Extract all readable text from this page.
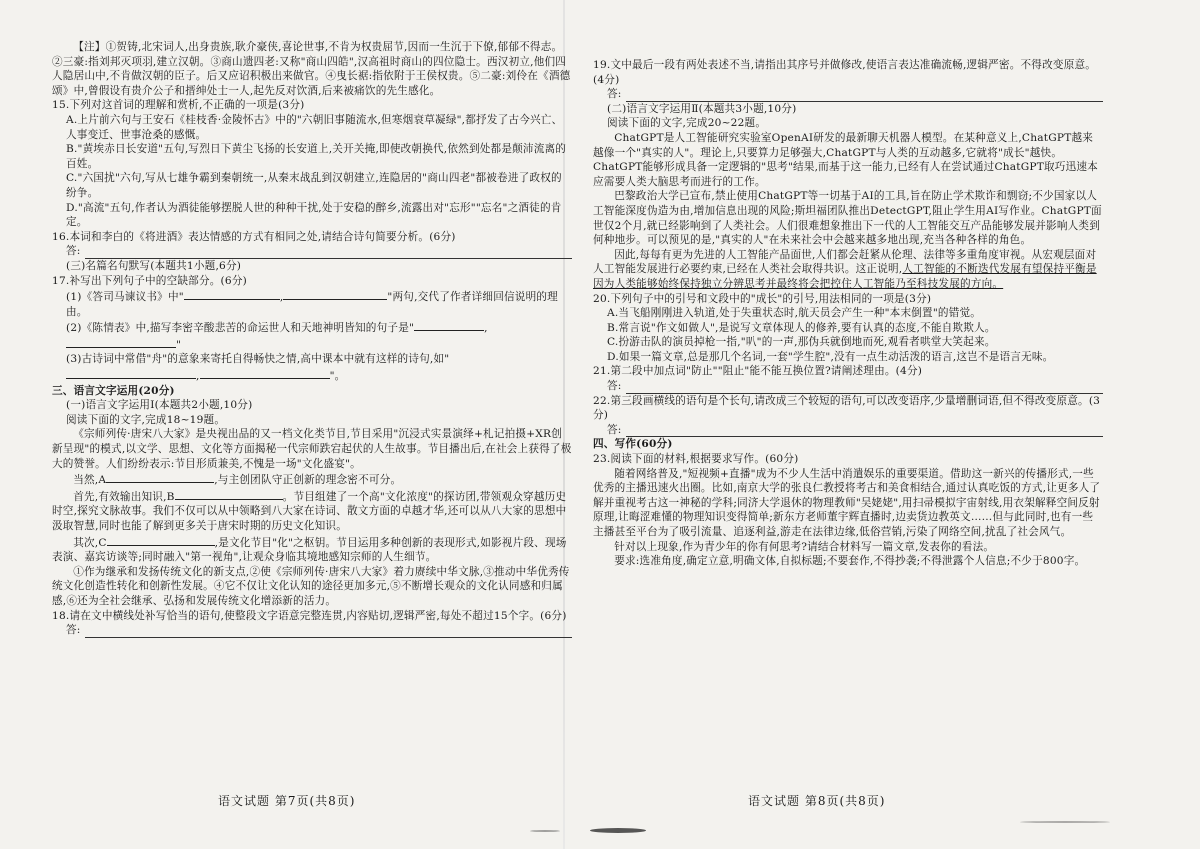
【注】①贺铸,北宋词人,出身贵族,耿介豪侠,喜论世事,不肯为权贵屈节,因而一生沉于下僚,郁郁不得志。②三豪:指刘邦灭项羽,建立汉朝。③商山遗四老:又称"商山四皓",汉高祖时商山的四位隐士。西汉初立,他们四人隐居山中,不肯做汉朝的臣子。后又应诏积极出来做官。④曳长裾:指依附于王侯权贵。⑤二豪:刘伶在《酒德颂》中,曾假设有贵介公子和搢绅处士一人,起先反对饮酒,后来被痛饮的先生感化。

15.下列对这首词的理解和赏析,不正确的一项是(3分)

A.上片前六句与王安石《桂枝香·金陵怀古》中的"六朝旧事随流水,但寒烟衰草凝绿",都抒发了古今兴亡、人事变迁、世事沧桑的感慨。

B."黄埃赤日长安道"五句,写烈日下黄尘飞扬的长安道上,关开关掩,即使改朝换代,依然到处都是颠沛流离的百姓。

C."六国扰"六句,写从七雄争霸到秦朝统一,从秦末战乱到汉朝建立,连隐居的"商山四老"都被卷进了政权的纷争。

D."高流"五句,作者认为酒徒能够摆脱人世的种种干扰,处于安稳的醉乡,流露出对"忘形""忘名"之酒徒的肯定。

16.本词和李白的《将进酒》表达情感的方式有相同之处,请结合诗句简要分析。(6分)

答:

(三)名篇名句默写(本题共1小题,6分)

17.补写出下列句子中的空缺部分。(6分)

(1)《答司马谏议书》中"	,	"两句,交代了作者详细回信说明的理由。

(2)《陈情表》中,描写李密辛酸悲苦的命运世人和天地神明皆知的句子是"	,"

(3)古诗词中常借"舟"的意象来寄托自得畅快之情,高中课本中就有这样的诗句,如",	"。

三、语言文字运用(20分)

(一)语言文字运用Ⅰ(本题共2小题,10分)

阅读下面的文字,完成18~19题。

《宗师列传·唐宋八大家》是央视出品的又一档文化类节目,节目采用"沉浸式实景演绎+札记拍摄+XR创新呈现"的模式,以文学、思想、文化等方面揭秘一代宗师跌宕起伏的人生故事。节目播出后,在社会上获得了极大的赞誉。人们纷纷表示:节目形质兼美,不愧是一场"文化盛宴"。

当然,A	,与主创团队守正创新的理念密不可分。

首先,有效输出知识,B	。节目组建了一个高"文化浓度"的探访团,带领观众穿越历史时空,探究文脉故事。我们不仅可以从中领略到八大家在诗词、散文方面的卓越才华,还可以从八大家的思想中汲取智慧,同时也能了解到更多关于唐宋时期的历史文化知识。

其次,C	,是文化节目"化"之枢钥。节目运用多种创新的表现形式,如影视片段、现场表演、嘉宾访谈等;同时融入"第一视角",让观众身临其境地感知宗师的人生细节。

①作为继承和发扬传统文化的新支点,②使《宗师列传·唐宋八大家》着力赓续中华文脉,③推动中华优秀传统文化创造性转化和创新性发展。④它不仅让文化认知的途径更加多元,⑤不断增长观众的文化认同感和归属感,⑥还为全社会继承、弘扬和发展传统文化增添新的活力。

18.请在文中横线处补写恰当的语句,使整段文字语意完整连贯,内容贴切,逻辑严密,每处不超过15个字。(6分)

答:

19.文中最后一段有两处表述不当,请指出其序号并做修改,使语言表达准确流畅,逻辑严密。不得改变原意。(4分)

答:

(二)语言文字运用Ⅱ(本题共3小题,10分)

阅读下面的文字,完成20~22题。

ChatGPT是人工智能研究实验室OpenAI研发的最新聊天机器人模型。在某种意义上,ChatGPT越来越像一个"真实的人"。理论上,只要算力足够强大,ChatGPT与人类的互动越多,它就将"成长"越快。ChatGPT能够形成具备一定逻辑的"思考"结果,而基于这一能力,已经有人在尝试通过ChatGPT取巧迅速本应需要人类大脑思考而进行的工作。

巴黎政治大学已宣布,禁止使用ChatGPT等一切基于AI的工具,旨在防止学术欺诈和剽窃;不少国家以人工智能深度伪造为由,增加信息出现的风险;斯坦福团队推出DetectGPT,阻止学生用AI写作业。ChatGPT面世仅2个月,就已经影响到了人类社会。人们很难想象推出下一代的人工智能交互产品能够发展并影响人类到何种地步。可以预见的是,"真实的人"在未来社会中会越来越多地出现,充当各种各样的角色。

因此,每每有更为先进的人工智能产品面世,人们都会赶紧从伦理、法律等多重角度审视。从宏观层面对人工智能发展进行必要约束,已经在人类社会取得共识。这正说明,人工智能的不断迭代发展有望保持平衡是因为人类能够始终保持独立分辨思考并最终将会把控住人工智能乃至科技发展的方向。

20.下列句子中的引号和文段中的"成长"的引号,用法相同的一项是(3分)

A.当飞船刚刚进入轨道,处于失重状态时,航天员会产生一种"本末倒置"的错觉。

B.常言说"作文如做人",是说写文章体现人的修养,要有认真的态度,不能自欺欺人。

C.扮游击队的演员掉枪一指,"叭"的一声,那伪兵就倒地而死,观看者哄堂大笑起来。

D.如果一篇文章,总是那几个名词,一套"学生腔",没有一点生动活泼的语言,这岂不是语言无味。

21.第二段中加点词"防止""阻止"能不能互换位置?请阐述理由。(4分)

答:

22.第三段画横线的语句是个长句,请改成三个较短的语句,可以改变语序,少量增删词语,但不得改变原意。(3分)

答:

四、写作(60分)

23.阅读下面的材料,根据要求写作。(60分)

随着网络普及,"短视频+直播"成为不少人生活中消遣娱乐的重要渠道。借助这一新兴的传播形式,一些优秀的主播迅速火出圈。比如,南京大学的张良仁教授将考古和美食相结合,通过认真吃饭的方式,让更多人了解并重视考古这一神秘的学科;同济大学退休的物理教师"吴姥姥",用扫帚模拟宇宙射线,用衣架解释空间反射原理,让晦涩难懂的物理知识变得简单;新东方老师董宇辉直播时,边卖货边教英文……但与此同时,也有一些主播甚至平台为了吸引流量、追逐利益,游走在法律边缘,低俗营销,污染了网络空间,扰乱了社会风气。

针对以上现象,作为青少年的你有何思考?请结合材料写一篇文章,发表你的看法。

要求:选准角度,确定立意,明确文体,自拟标题;不要套作,不得抄袭;不得泄露个人信息;不少于800字。

语文试题 第7页(共8页)	语文试题 第8页(共8页)
